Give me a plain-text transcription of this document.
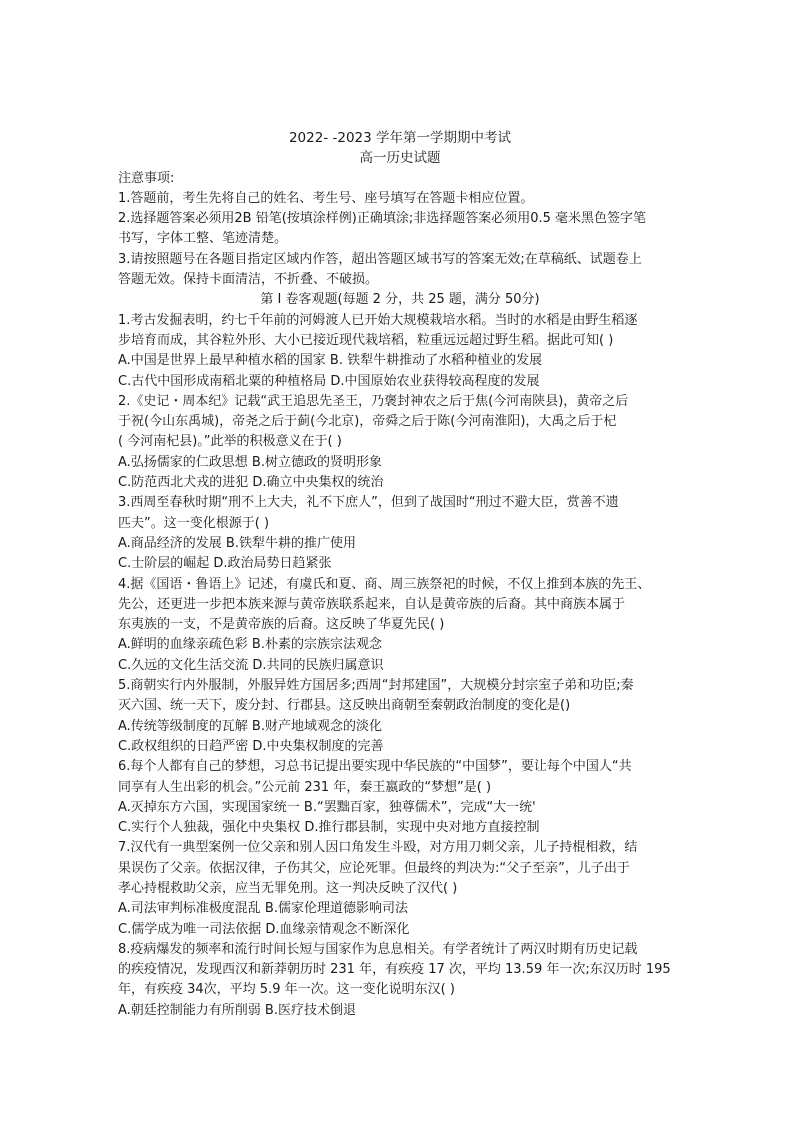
2022- -2023 学年第一学期期中考试
高一历史试题
注意事项:
1.答题前，考生先将自己的姓名、考生号、座号填写在答题卡相应位置。
2.选择题答案必须用2B 铅笔(按填涂样例)正确填涂;非选择题答案必须用0.5 毫米黑色签字笔
书写，字体工整、笔迹清楚。
3.请按照题号在各题目指定区域内作答，超出答题区域书写的答案无效;在草稿纸、试题卷上
答题无效。保持卡面清洁，不折叠、不破损。
第 I 卷客观题(每题 2 分，共 25 题，满分 50分)
1.考古发掘表明，约七千年前的河姆渡人已开始大规模栽培水稻。当时的水稻是由野生稻逐
步培育而成，其谷粒外形、大小已接近现代栽培稻，粒重远远超过野生稻。据此可知( )
A.中国是世界上最早种植水稻的国家 B. 铁犁牛耕推动了水稻种植业的发展
C.古代中国形成南稻北粟的种植格局 D.中国原始农业获得较高程度的发展
2.《史记・周本纪》记载“武王追思先圣王，乃褒封神农之后于焦(今河南陕县)，黄帝之后
于祝(今山东禹城)，帝尧之后于蓟(今北京)，帝舜之后于陈(今河南淮阳)，大禹之后于杞
( 今河南杞县)。”此举的积极意义在于( )
A.弘扬儒家的仁政思想 B.树立德政的贤明形象
C.防范西北犬戎的进犯 D.确立中央集权的统治
3.西周至春秋时期“刑不上大夫，礼不下庶人”，但到了战国时“刑过不避大臣，赏善不遗
匹夫”。这一变化根源于( )
A.商品经济的发展 B.铁犁牛耕的推广使用
C.士阶层的崛起 D.政治局势日趋紧张
4.据《国语・鲁语上》记述，有虞氏和夏、商、周三族祭祀的时候，不仅上推到本族的先王、
先公，还更进一步把本族来源与黄帝族联系起来，自认是黄帝族的后裔。其中商族本属于
东夷族的一支，不是黄帝族的后裔。这反映了华夏先民( )
A.鲜明的血缘亲疏色彩 B.朴素的宗族宗法观念
C.久远的文化生活交流 D.共同的民族归属意识
5.商朝实行内外服制，外服异姓方国居多;西周“封邦建国”，大规模分封宗室子弟和功臣;秦
灭六国、统一天下，废分封、行郡县。这反映出商朝至秦朝政治制度的变化是()
A.传统等级制度的瓦解 B.财产地域观念的淡化
C.政权组织的日趋严密 D.中央集权制度的完善
6.每个人都有自己的梦想，习总书记提出要实现中华民族的“中国梦”，要让每个中国人“共
同享有人生出彩的机会。”公元前 231 年，秦王嬴政的“梦想”是( )
A.灭掉东方六国，实现国家统一 B.“罢黜百家，独尊儒术”，完成“大一统'
C.实行个人独裁，强化中央集权 D.推行郡县制，实现中央对地方直接控制
7.汉代有一典型案例一位父亲和别人因口角发生斗殴，对方用刀刺父亲，儿子持棍相救，结
果误伤了父亲。依据汉律，子伤其父，应论死罪。但最终的判决为:“父子至亲”，儿子出于
孝心持棍救助父亲，应当无罪免刑。这一判决反映了汉代( )
A.司法审判标准极度混乱 B.儒家伦理道德影响司法
C.儒学成为唯一司法依据 D.血缘亲情观念不断深化
8.疫病爆发的频率和流行时间长短与国家作为息息相关。有学者统计了两汉时期有历史记载
的疾疫情况，发现西汉和新莽朝历时 231 年，有疾疫 17 次，平均 13.59 年一次;东汉历时 195
年，有疾疫 34次，平均 5.9 年一次。这一变化说明东汉( )
A.朝廷控制能力有所削弱 B.医疗技术倒退
